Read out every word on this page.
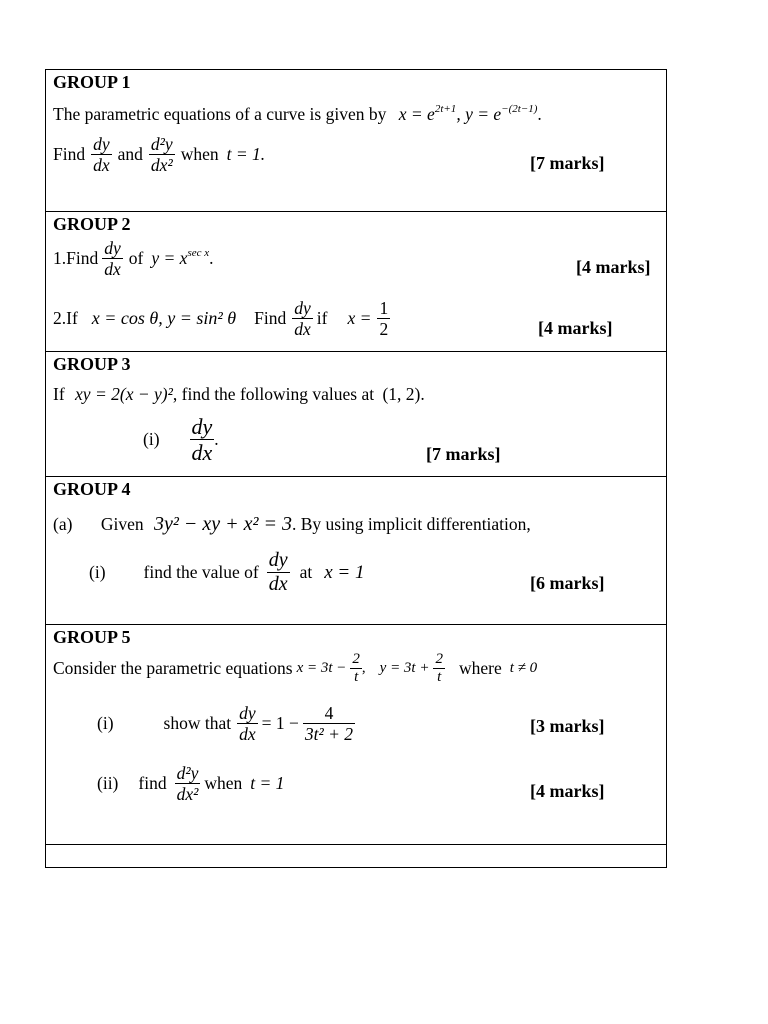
GROUP 1
The parametric equations of a curve is given by $x = e^{2t+1}$, $y = e^{-(2t-1)}$.
Find $\frac{dy}{dx}$ and $\frac{\text{d²y}}{\text{dx²}}$ when t = 1.	[7 marks]
GROUP 2
1.Find $\frac{dy}{dx}$ of $y = x^{sec x}$ .	[4 marks]
2.If x = cos θ, y = sin² θ Find $\frac{dy}{dx}$ if $x = \frac{1}{2}$	[4 marks]
GROUP 3
If xy = 2(x − y)², find the following values at (1, 2).
$(i) \frac{dy}{dx}$ .
[7 marks]
GROUP 4
(a) Given 3y² − xy + x² = 3. By using implicit differentiation,
(i) find the value of $\frac{dy}{dx}$ at x = 1
[6 marks]
GROUP 5
Consider the parametric equations $x = 3t - \frac{2}{t}$ , $y = 3t + \frac{2}{t}$ where t ≠ 0
(i)	show that $\frac{dy}{dx} = 1 - \frac{4}{\text{3t² + 2}}$	[3 marks]
(ii) find $\frac{\text{d²y}}{\text{dx²}}$ when t = 1	[4 marks]
